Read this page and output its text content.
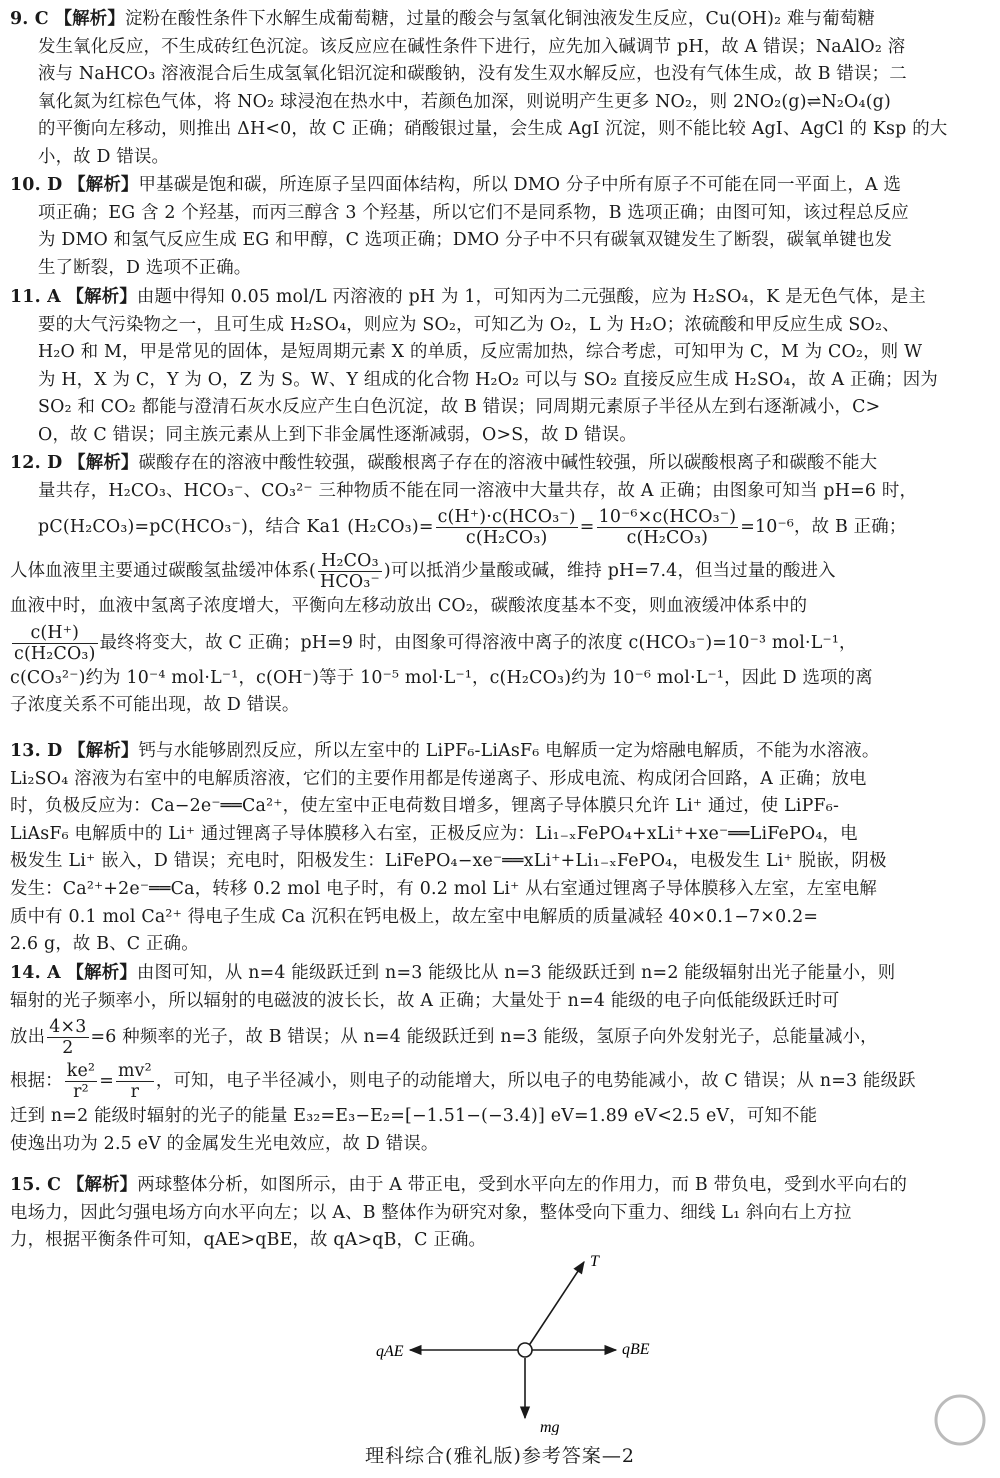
9. C 【解析】淀粉在酸性条件下水解生成葡萄糖，过量的酸会与氢氧化铜浊液发生反应，Cu(OH)₂ 难与葡萄糖

发生氧化反应，不生成砖红色沉淀。该反应应在碱性条件下进行，应先加入碱调节 pH，故 A 错误；NaAlO₂ 溶

液与 NaHCO₃ 溶液混合后生成氢氧化铝沉淀和碳酸钠，没有发生双水解反应，也没有气体生成，故 B 错误；二

氧化氮为红棕色气体，将 NO₂ 球浸泡在热水中，若颜色加深，则说明产生更多 NO₂，则 2NO₂(g)⇌N₂O₄(g)

的平衡向左移动，则推出 ΔH<0，故 C 正确；硝酸银过量，会生成 AgI 沉淀，则不能比较 AgI、AgCl 的 Ksp 的大

小，故 D 错误。

10. D 【解析】甲基碳是饱和碳，所连原子呈四面体结构，所以 DMO 分子中所有原子不可能在同一平面上，A 选

项正确；EG 含 2 个羟基，而丙三醇含 3 个羟基，所以它们不是同系物，B 选项正确；由图可知，该过程总反应

为 DMO 和氢气反应生成 EG 和甲醇，C 选项正确；DMO 分子中不只有碳氧双键发生了断裂，碳氧单键也发

生了断裂，D 选项不正确。

11. A 【解析】由题中得知 0.05 mol/L 丙溶液的 pH 为 1，可知丙为二元强酸，应为 H₂SO₄，K 是无色气体，是主

要的大气污染物之一，且可生成 H₂SO₄，则应为 SO₂，可知乙为 O₂，L 为 H₂O；浓硫酸和甲反应生成 SO₂、

H₂O 和 M，甲是常见的固体，是短周期元素 X 的单质，反应需加热，综合考虑，可知甲为 C，M 为 CO₂，则 W

为 H，X 为 C，Y 为 O，Z 为 S。W、Y 组成的化合物 H₂O₂ 可以与 SO₂ 直接反应生成 H₂SO₄，故 A 正确；因为

SO₂ 和 CO₂ 都能与澄清石灰水反应产生白色沉淀，故 B 错误；同周期元素原子半径从左到右逐渐减小，C>

O，故 C 错误；同主族元素从上到下非金属性逐渐减弱，O>S，故 D 错误。

12. D 【解析】碳酸存在的溶液中酸性较强，碳酸根离子存在的溶液中碱性较强，所以碳酸根离子和碳酸不能大

量共存，H₂CO₃、HCO₃⁻、CO₃²⁻ 三种物质不能在同一溶液中大量共存，故 A 正确；由图象可知当 pH=6 时，

pC(H₂CO₃)=pC(HCO₃⁻)，结合 Ka1 $(H_2CO_3)= \frac{\text{c(H⁺)·c(HCO₃⁻)}}{\text{c(H₂CO₃)}} = \frac{\text{10⁻⁶×c(HCO₃⁻)}}{\text{c(H₂CO₃)}} =10^{-6}$，故 B 正确；

人体血液里主要通过碳酸氢盐缓冲体系( $\frac{\text{H₂CO₃}}{\text{HCO₃⁻}}$ )可以抵消少量酸或碱，维持 pH=7.4，但当过量的酸进入

血液中时，血液中氢离子浓度增大，平衡向左移动放出 CO₂，碳酸浓度基本不变，则血液缓冲体系中的

$\frac{c(H^+)}{\text{c(H₂CO₃)}}$ 最终将变大，故 C 正确；pH=9 时，由图象可得溶液中离子的浓度 c(HCO₃⁻)=10⁻³ mol·L⁻¹，

c(CO₃²⁻)约为 10⁻⁴ mol·L⁻¹，c(OH⁻)等于 10⁻⁵ mol·L⁻¹，c(H₂CO₃)约为 10⁻⁶ mol·L⁻¹，因此 D 选项的离

子浓度关系不可能出现，故 D 错误。

13. D 【解析】钙与水能够剧烈反应，所以左室中的 LiPF₆-LiAsF₆ 电解质一定为熔融电解质，不能为水溶液。

Li₂SO₄ 溶液为右室中的电解质溶液，它们的主要作用都是传递离子、形成电流、构成闭合回路，A 正确；放电

时，负极反应为：Ca−2e⁻══Ca²⁺，使左室中正电荷数目增多，锂离子导体膜只允许 Li⁺ 通过，使 LiPF₆-

LiAsF₆ 电解质中的 Li⁺ 通过锂离子导体膜移入右室，正极反应为：Li₁₋ₓFePO₄+xLi⁺+xe⁻══LiFePO₄，电

极发生 Li⁺ 嵌入，D 错误；充电时，阳极发生：LiFePO₄−xe⁻══xLi⁺+Li₁₋ₓFePO₄，电极发生 Li⁺ 脱嵌，阴极

发生：Ca²⁺+2e⁻══Ca，转移 0.2 mol 电子时，有 0.2 mol Li⁺ 从右室通过锂离子导体膜移入左室，左室电解

质中有 0.1 mol Ca²⁺ 得电子生成 Ca 沉积在钙电极上，故左室中电解质的质量减轻 40×0.1−7×0.2=

2.6 g，故 B、C 正确。

14. A 【解析】由图可知，从 n=4 能级跃迁到 n=3 能级比从 n=3 能级跃迁到 n=2 能级辐射出光子能量小，则

辐射的光子频率小，所以辐射的电磁波的波长长，故 A 正确；大量处于 n=4 能级的电子向低能级跃迁时可

放出 $\frac{4\times 3}{2} =6$ 种频率的光子，故 B 错误；从 n=4 能级跃迁到 n=3 能级，氢原子向外发射光子，总能量减小，

根据： $\frac{\text{ke²}}{\text{r²}} = \frac{\text{mv²}}{r}$ ，可知，电子半径减小，则电子的动能增大，所以电子的电势能减小，故 C 错误；从 n=3 能级跃

迁到 n=2 能级时辐射的光子的能量 E₃₂=E₃−E₂=[−1.51−(−3.4)] eV=1.89 eV<2.5 eV，可知不能

使逸出功为 2.5 eV 的金属发生光电效应，故 D 错误。

15. C 【解析】两球整体分析，如图所示，由于 A 带正电，受到水平向左的作用力，而 B 带负电，受到水平向右的

电场力，因此匀强电场方向水平向左；以 A、B 整体作为研究对象，整体受向下重力、细线 L₁ 斜向右上方拉

力，根据平衡条件可知，qAE>qBE，故 qA>qB，C 正确。

T
qAE	qBE
mg
理科综合(雅礼版)参考答案—2
